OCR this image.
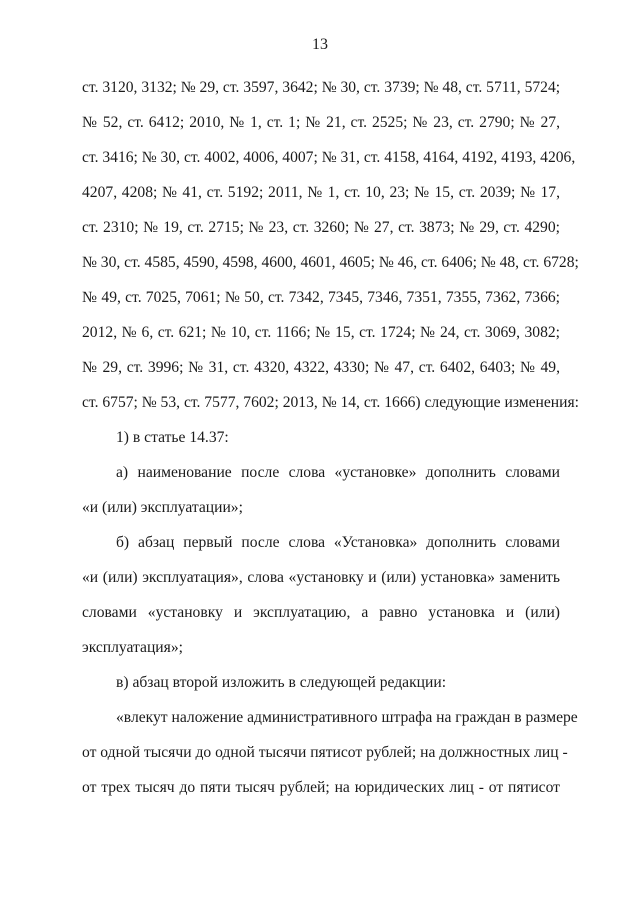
13
ст. 3120, 3132; № 29, ст. 3597, 3642; № 30, ст. 3739; № 48, ст. 5711, 5724;
№ 52, ст. 6412; 2010, № 1, ст. 1; № 21, ст. 2525; № 23, ст. 2790; № 27,
ст. 3416; № 30, ст. 4002, 4006, 4007; № 31, ст. 4158, 4164, 4192, 4193, 4206,
4207, 4208; № 41, ст. 5192; 2011, № 1, ст. 10, 23; № 15, ст. 2039; № 17,
ст. 2310; № 19, ст. 2715; № 23, ст. 3260; № 27, ст. 3873; № 29, ст. 4290;
№ 30, ст. 4585, 4590, 4598, 4600, 4601, 4605; № 46, ст. 6406; № 48, ст. 6728;
№ 49, ст. 7025, 7061; № 50, ст. 7342, 7345, 7346, 7351, 7355, 7362, 7366;
2012, № 6, ст. 621; № 10, ст. 1166; № 15, ст. 1724; № 24, ст. 3069, 3082;
№ 29, ст. 3996; № 31, ст. 4320, 4322, 4330; № 47, ст. 6402, 6403; № 49,
ст. 6757; № 53, ст. 7577, 7602; 2013, № 14, ст. 1666) следующие изменения:
1) в статье 14.37:
а) наименование после слова «установке» дополнить словами
«и (или) эксплуатации»;
б) абзац первый после слова «Установка» дополнить словами
«и (или) эксплуатация», слова «установку и (или) установка» заменить
словами «установку и эксплуатацию, а равно установка и (или)
эксплуатация»;
в) абзац второй изложить в следующей редакции:
«влекут наложение административного штрафа на граждан в размере
от одной тысячи до одной тысячи пятисот рублей; на должностных лиц -
от трех тысяч до пяти тысяч рублей; на юридических лиц - от пятисот
